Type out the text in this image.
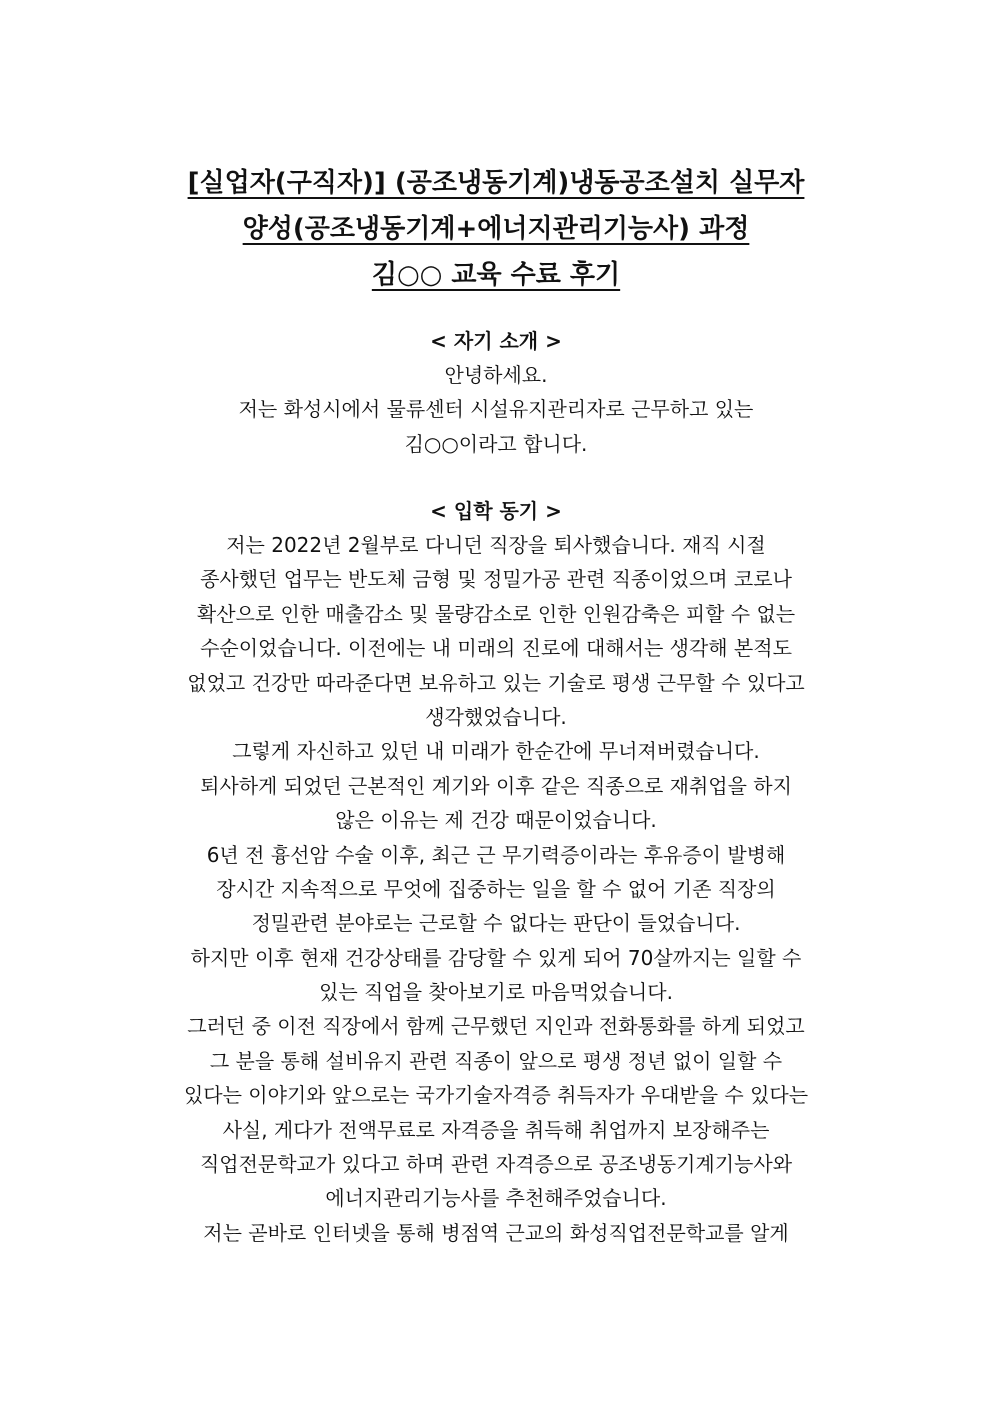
[실업자(구직자)] (공조냉동기계)냉동공조설치 실무자
양성(공조냉동기계+에너지관리기능사) 과정
김○○ 교육 수료 후기
< 자기 소개 >
안녕하세요.
저는 화성시에서 물류센터 시설유지관리자로 근무하고 있는
김○○이라고 합니다.
< 입학 동기 >
저는 2022년 2월부로 다니던 직장을 퇴사했습니다. 재직 시절
종사했던 업무는 반도체 금형 및 정밀가공 관련 직종이었으며 코로나
확산으로 인한 매출감소 및 물량감소로 인한 인원감축은 피할 수 없는
수순이었습니다. 이전에는 내 미래의 진로에 대해서는 생각해 본적도
없었고 건강만 따라준다면 보유하고 있는 기술로 평생 근무할 수 있다고
생각했었습니다.
그렇게 자신하고 있던 내 미래가 한순간에 무너져버렸습니다.
퇴사하게 되었던 근본적인 계기와 이후 같은 직종으로 재취업을 하지
않은 이유는 제 건강 때문이었습니다.
6년 전 흉선암 수술 이후, 최근 근 무기력증이라는 후유증이 발병해
장시간 지속적으로 무엇에 집중하는 일을 할 수 없어 기존 직장의
정밀관련 분야로는 근로할 수 없다는 판단이 들었습니다.
하지만 이후 현재 건강상태를 감당할 수 있게 되어 70살까지는 일할 수
있는 직업을 찾아보기로 마음먹었습니다.
그러던 중 이전 직장에서 함께 근무했던 지인과 전화통화를 하게 되었고
그 분을 통해 설비유지 관련 직종이 앞으로 평생 정년 없이 일할 수
있다는 이야기와 앞으로는 국가기술자격증 취득자가 우대받을 수 있다는
사실, 게다가 전액무료로 자격증을 취득해 취업까지 보장해주는
직업전문학교가 있다고 하며 관련 자격증으로 공조냉동기계기능사와
에너지관리기능사를 추천해주었습니다.
저는 곧바로 인터넷을 통해 병점역 근교의 화성직업전문학교를 알게
